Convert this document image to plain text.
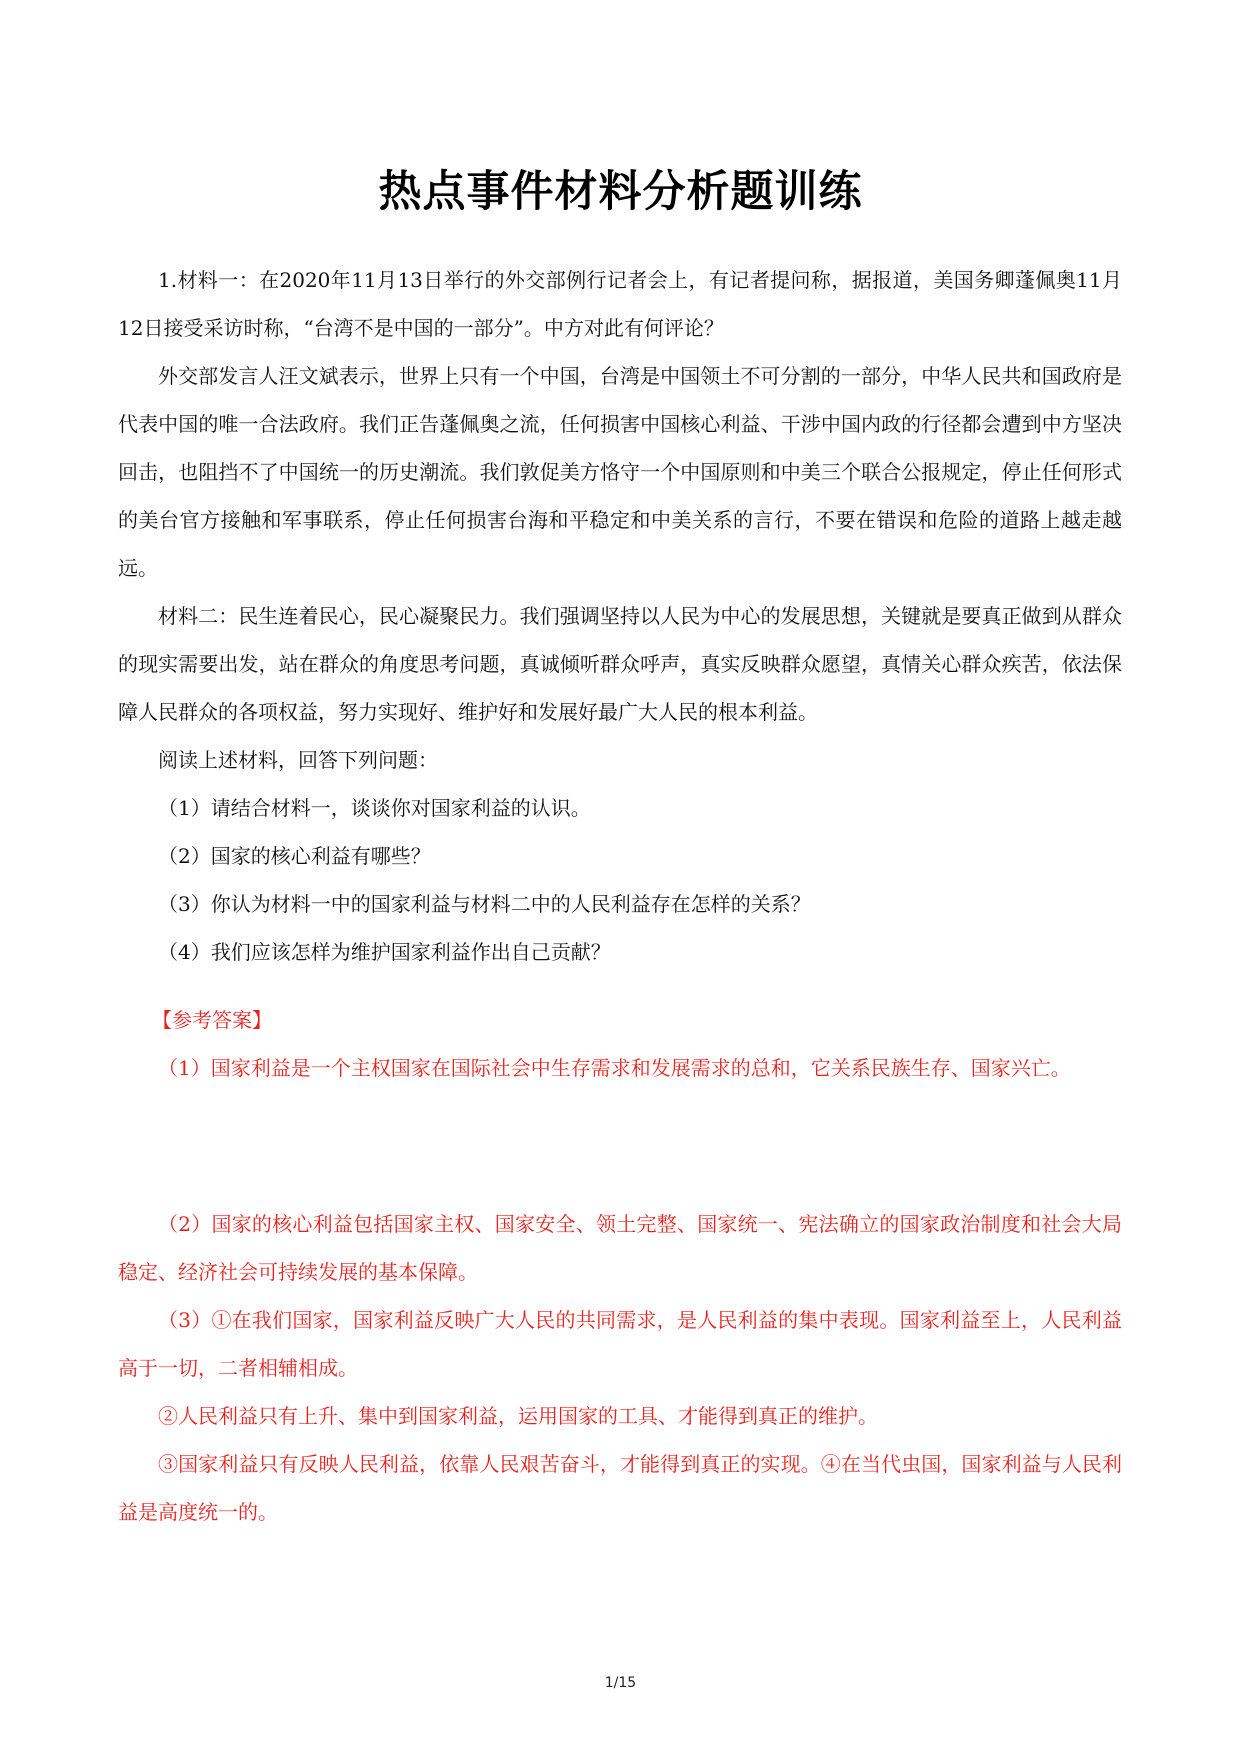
热点事件材料分析题训练

1.材料一：在2020年11月13日举行的外交部例行记者会上，有记者提问称，据报道，美国务卿蓬佩奥11月12日接受采访时称，“台湾不是中国的一部分”。中方对此有何评论？

外交部发言人汪文斌表示，世界上只有一个中国，台湾是中国领土不可分割的一部分，中华人民共和国政府是代表中国的唯一合法政府。我们正告蓬佩奥之流，任何损害中国核心利益、干涉中国内政的行径都会遭到中方坚决回击，也阻挡不了中国统一的历史潮流。我们敦促美方恪守一个中国原则和中美三个联合公报规定，停止任何形式的美台官方接触和军事联系，停止任何损害台海和平稳定和中美关系的言行，不要在错误和危险的道路上越走越远。

材料二：民生连着民心，民心凝聚民力。我们强调坚持以人民为中心的发展思想，关键就是要真正做到从群众的现实需要出发，站在群众的角度思考问题，真诚倾听群众呼声，真实反映群众愿望，真情关心群众疾苦，依法保障人民群众的各项权益，努力实现好、维护好和发展好最广大人民的根本利益。

阅读上述材料，回答下列问题：

（1）请结合材料一，谈谈你对国家利益的认识。

（2）国家的核心利益有哪些？

（3）你认为材料一中的国家利益与材料二中的人民利益存在怎样的关系？

（4）我们应该怎样为维护国家利益作出自己贡献？

【参考答案】

（1）国家利益是一个主权国家在国际社会中生存需求和发展需求的总和，它关系民族生存、国家兴亡。

（2）国家的核心利益包括国家主权、国家安全、领土完整、国家统一、宪法确立的国家政治制度和社会大局稳定、经济社会可持续发展的基本保障。

（3）①在我们国家，国家利益反映广大人民的共同需求，是人民利益的集中表现。国家利益至上，人民利益高于一切，二者相辅相成。

②人民利益只有上升、集中到国家利益，运用国家的工具、才能得到真正的维护。

③国家利益只有反映人民利益，依靠人民艰苦奋斗，才能得到真正的实现。④在当代虫国，国家利益与人民利益是高度统一的。

1/15
